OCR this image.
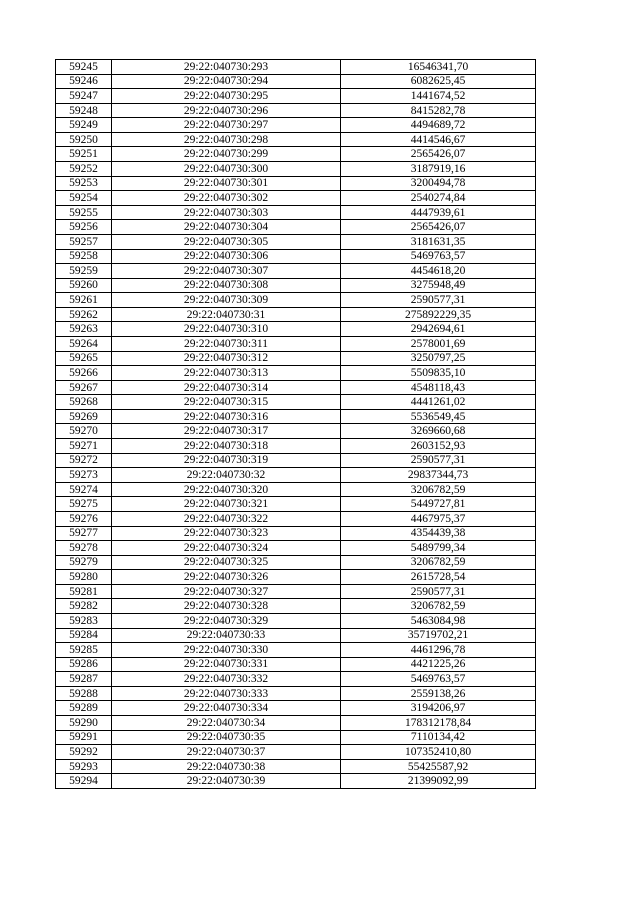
59245	29:22:040730:293	16546341,70
59246	29:22:040730:294	6082625,45
59247	29:22:040730:295	1441674,52
59248	29:22:040730:296	8415282,78
59249	29:22:040730:297	4494689,72
59250	29:22:040730:298	4414546,67
59251	29:22:040730:299	2565426,07
59252	29:22:040730:300	3187919,16
59253	29:22:040730:301	3200494,78
59254	29:22:040730:302	2540274,84
59255	29:22:040730:303	4447939,61
59256	29:22:040730:304	2565426,07
59257	29:22:040730:305	3181631,35
59258	29:22:040730:306	5469763,57
59259	29:22:040730:307	4454618,20
59260	29:22:040730:308	3275948,49
59261	29:22:040730:309	2590577,31
59262	29:22:040730:31	275892229,35
59263	29:22:040730:310	2942694,61
59264	29:22:040730:311	2578001,69
59265	29:22:040730:312	3250797,25
59266	29:22:040730:313	5509835,10
59267	29:22:040730:314	4548118,43
59268	29:22:040730:315	4441261,02
59269	29:22:040730:316	5536549,45
59270	29:22:040730:317	3269660,68
59271	29:22:040730:318	2603152,93
59272	29:22:040730:319	2590577,31
59273	29:22:040730:32	29837344,73
59274	29:22:040730:320	3206782,59
59275	29:22:040730:321	5449727,81
59276	29:22:040730:322	4467975,37
59277	29:22:040730:323	4354439,38
59278	29:22:040730:324	5489799,34
59279	29:22:040730:325	3206782,59
59280	29:22:040730:326	2615728,54
59281	29:22:040730:327	2590577,31
59282	29:22:040730:328	3206782,59
59283	29:22:040730:329	5463084,98
59284	29:22:040730:33	35719702,21
59285	29:22:040730:330	4461296,78
59286	29:22:040730:331	4421225,26
59287	29:22:040730:332	5469763,57
59288	29:22:040730:333	2559138,26
59289	29:22:040730:334	3194206,97
59290	29:22:040730:34	178312178,84
59291	29:22:040730:35	7110134,42
59292	29:22:040730:37	107352410,80
59293	29:22:040730:38	55425587,92
59294	29:22:040730:39	21399092,99
